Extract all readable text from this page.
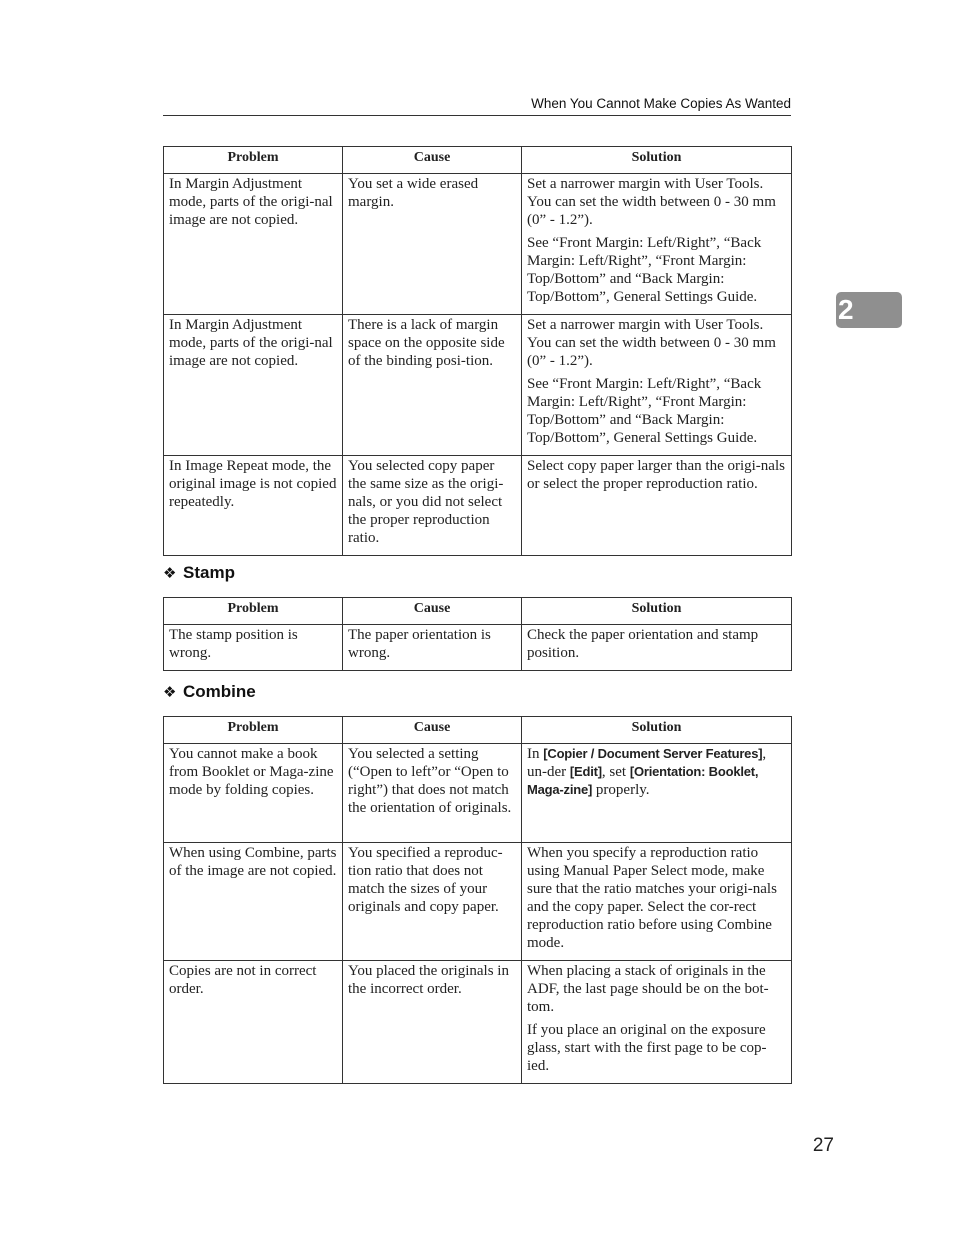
When You Cannot Make Copies As Wanted
2
Problem	Cause	Solution
In Margin Adjustment mode, parts of the origi-nal image are not copied.	You set a wide erased margin.	Set a narrower margin with User Tools. You can set the width between 0 - 30 mm (0” - 1.2”).

See “Front Margin: Left/Right”, “Back Margin: Left/Right”, “Front Margin: Top/Bottom” and “Back Margin: Top/Bottom”, General Settings Guide.

In Margin Adjustment mode, parts of the origi-nal image are not copied.	There is a lack of margin space on the opposite side of the binding posi-tion.	Set a narrower margin with User Tools. You can set the width between 0 - 30 mm (0” - 1.2”).

See “Front Margin: Left/Right”, “Back Margin: Left/Right”, “Front Margin: Top/Bottom” and “Back Margin: Top/Bottom”, General Settings Guide.

In Image Repeat mode, the original image is not copied repeatedly.	You selected copy paper the same size as the origi-nals, or you did not select the proper reproduction ratio.	Select copy paper larger than the origi-nals or select the proper reproduction ratio.

❖ Stamp
Problem	Cause	Solution
The stamp position is wrong.	The paper orientation is wrong.	Check the paper orientation and stamp position.

❖ Combine
Problem	Cause	Solution
You cannot make a book from Booklet or Maga-zine mode by folding copies.	You selected a setting (“Open to left”or “Open to right”) that does not match the orientation of originals.	In [Copier / Document Server Features], un-der [Edit], set [Orientation: Booklet, Maga-zine] properly.

When using Combine, parts of the image are not copied.	You specified a reproduc-tion ratio that does not match the sizes of your originals and copy paper.	When you specify a reproduction ratio using Manual Paper Select mode, make sure that the ratio matches your origi-nals and the copy paper. Select the cor-rect reproduction ratio before using Combine mode.

Copies are not in correct order.	You placed the originals in the incorrect order.	When placing a stack of originals in the ADF, the last page should be on the bot-tom.

If you place an original on the exposure glass, start with the first page to be cop-ied.

27
